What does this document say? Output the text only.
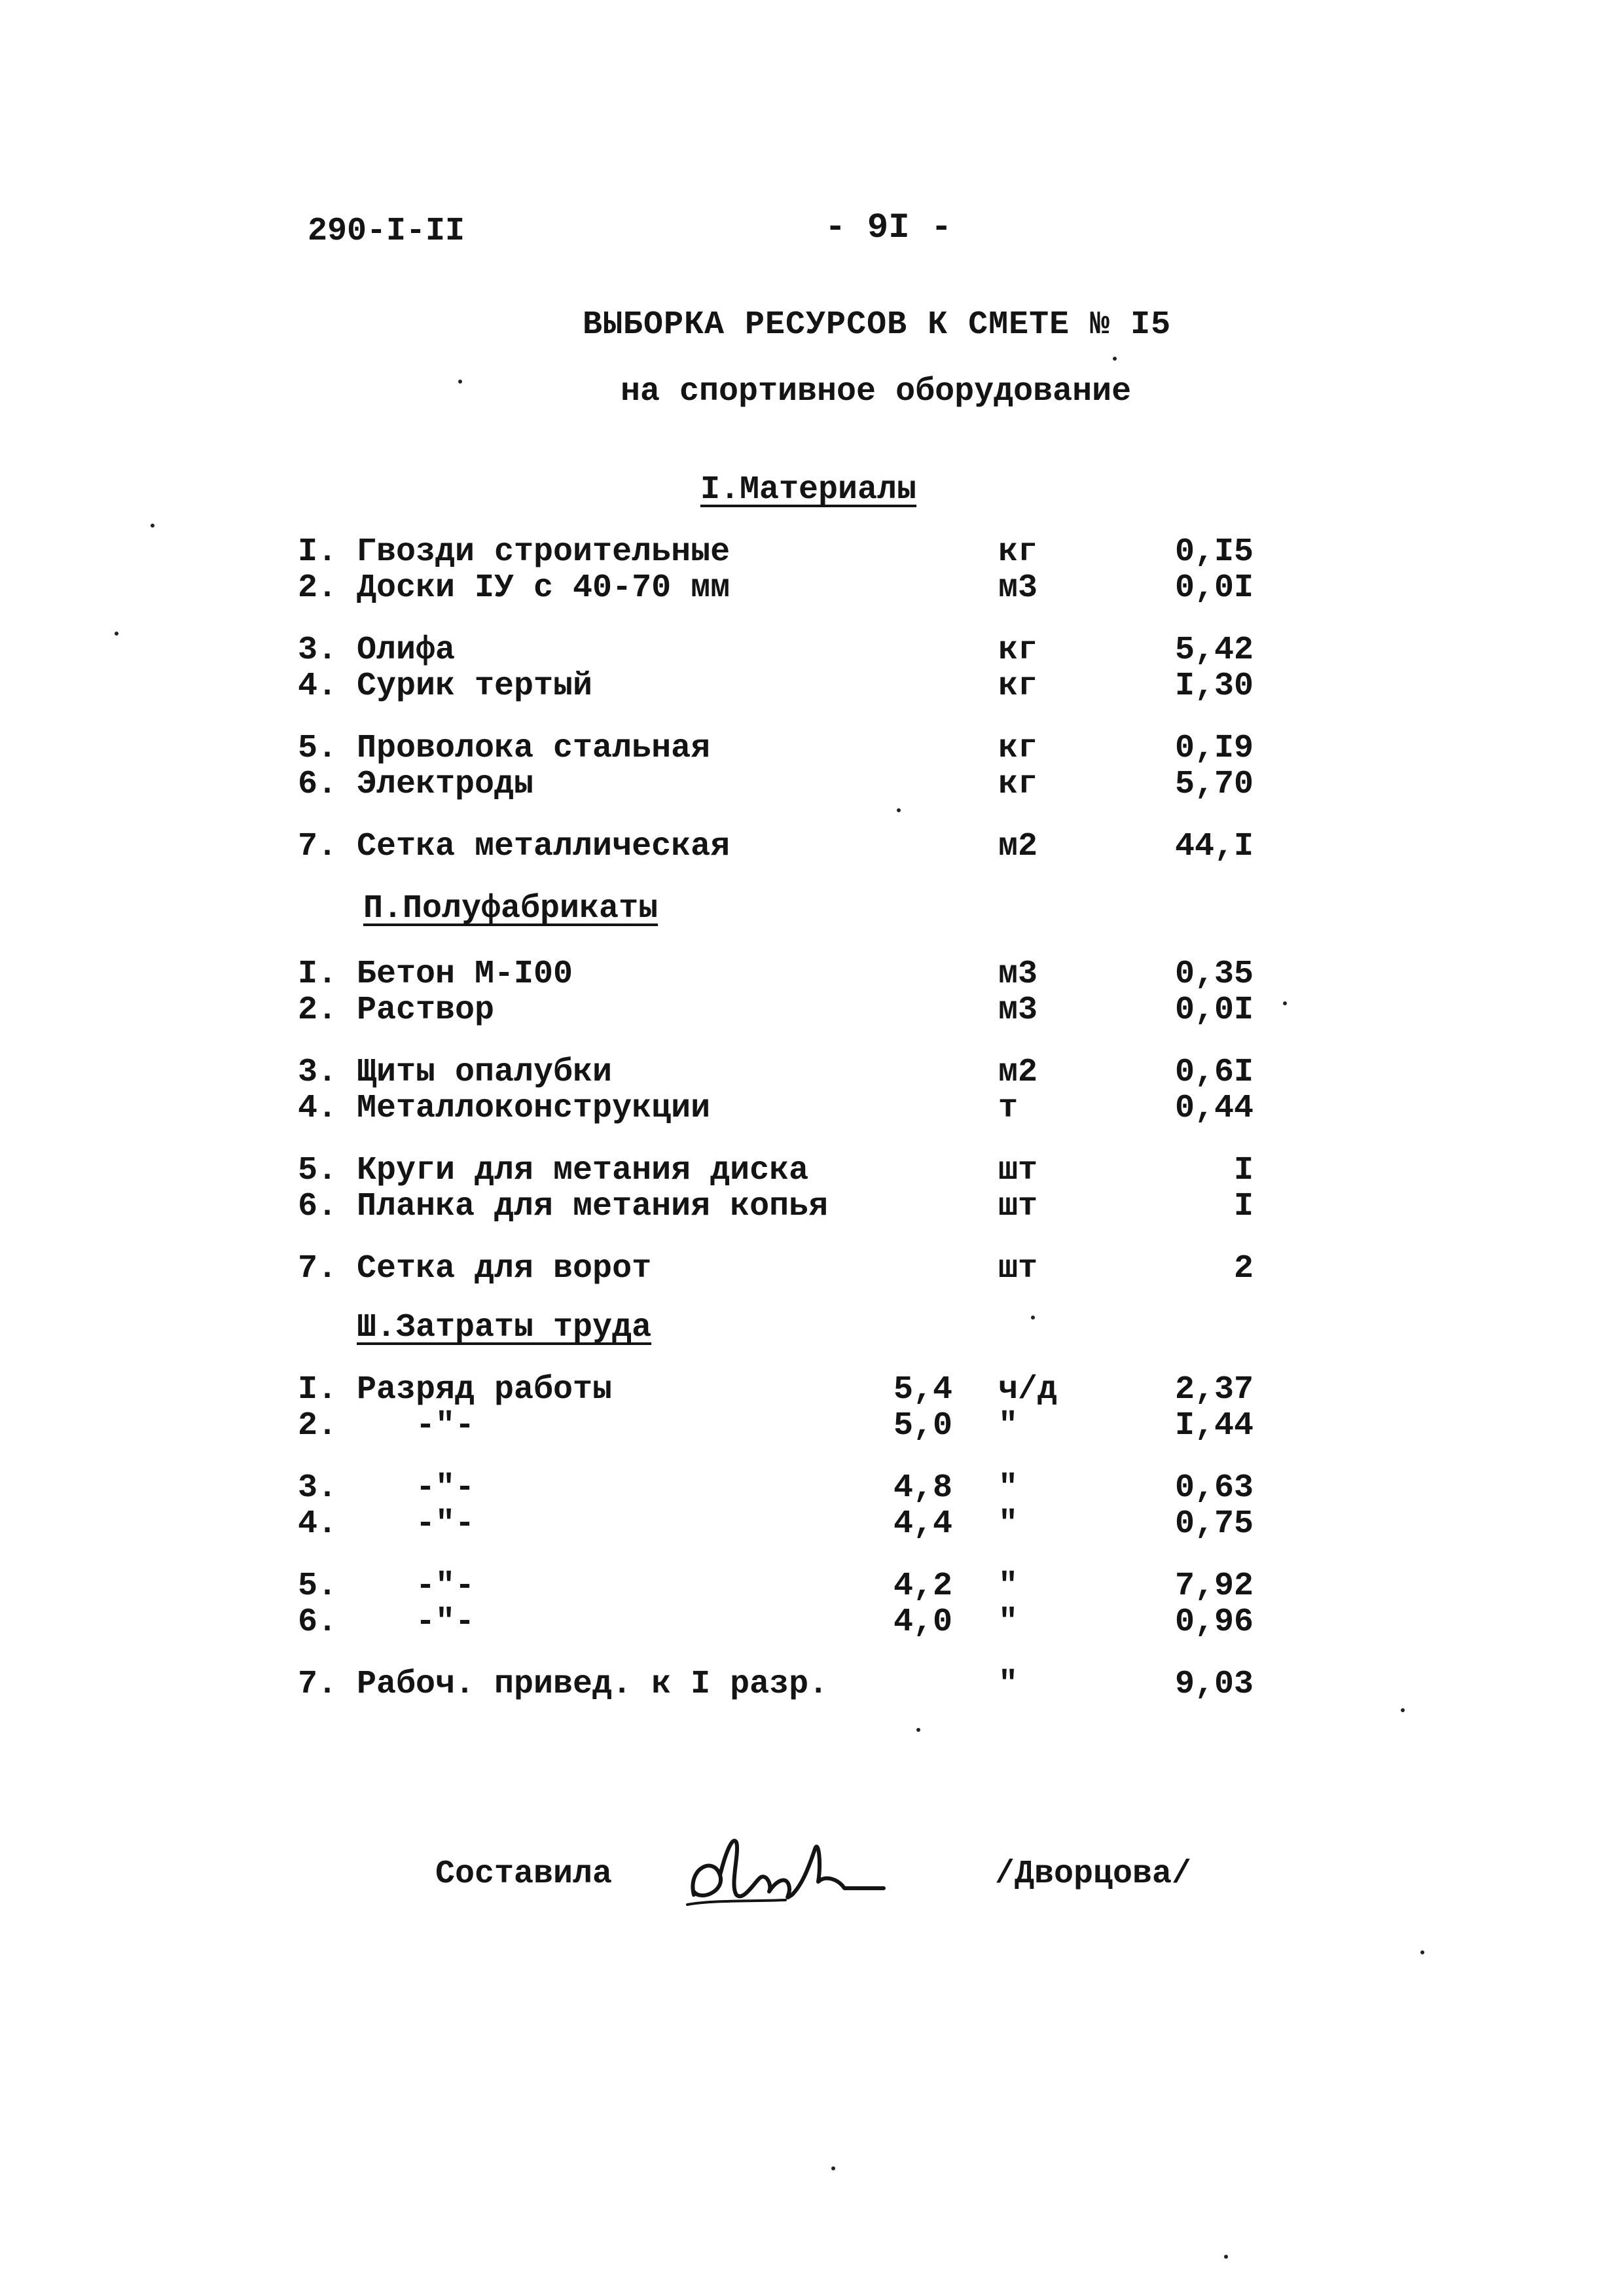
290-I-II	- 9I -
ВЫБОРКА РЕСУРСОВ К СМЕТЕ № I5
на спортивное оборудование
I.Материалы
I. Гвозди строительные	кг	0,I5
2. Доски IУ с 40-70 мм	м3	0,0I
3. Олифа	кг	5,42
4. Сурик тертый	кг	I,30
5. Проволока стальная	кг	0,I9
6. Электроды	кг	5,70
7. Сетка металлическая	м2	44,I
П.Полуфабрикаты
I. Бетон М-I00	м3	0,35
2. Раствор	м3	0,0I
3. Щиты опалубки	м2	0,6I
4. Металлоконструкции	т	0,44
5. Круги для метания диска	шт	I
6. Планка для метания копья	шт	I
7. Сетка для ворот	шт	2
Ш.Затраты труда
I. Разряд работы	5,4 ч/д	2,37
2.	-"-	5,0 "	I,44
3.	-"-	4,8 "	0,63
4.	-"-	4,4 "	0,75
5.	-"-	4,2 "	7,92
6.	-"-	4,0 "	0,96
7. Рабоч. привед. к I разр.	"	9,03
Составила	/Дворцова/
